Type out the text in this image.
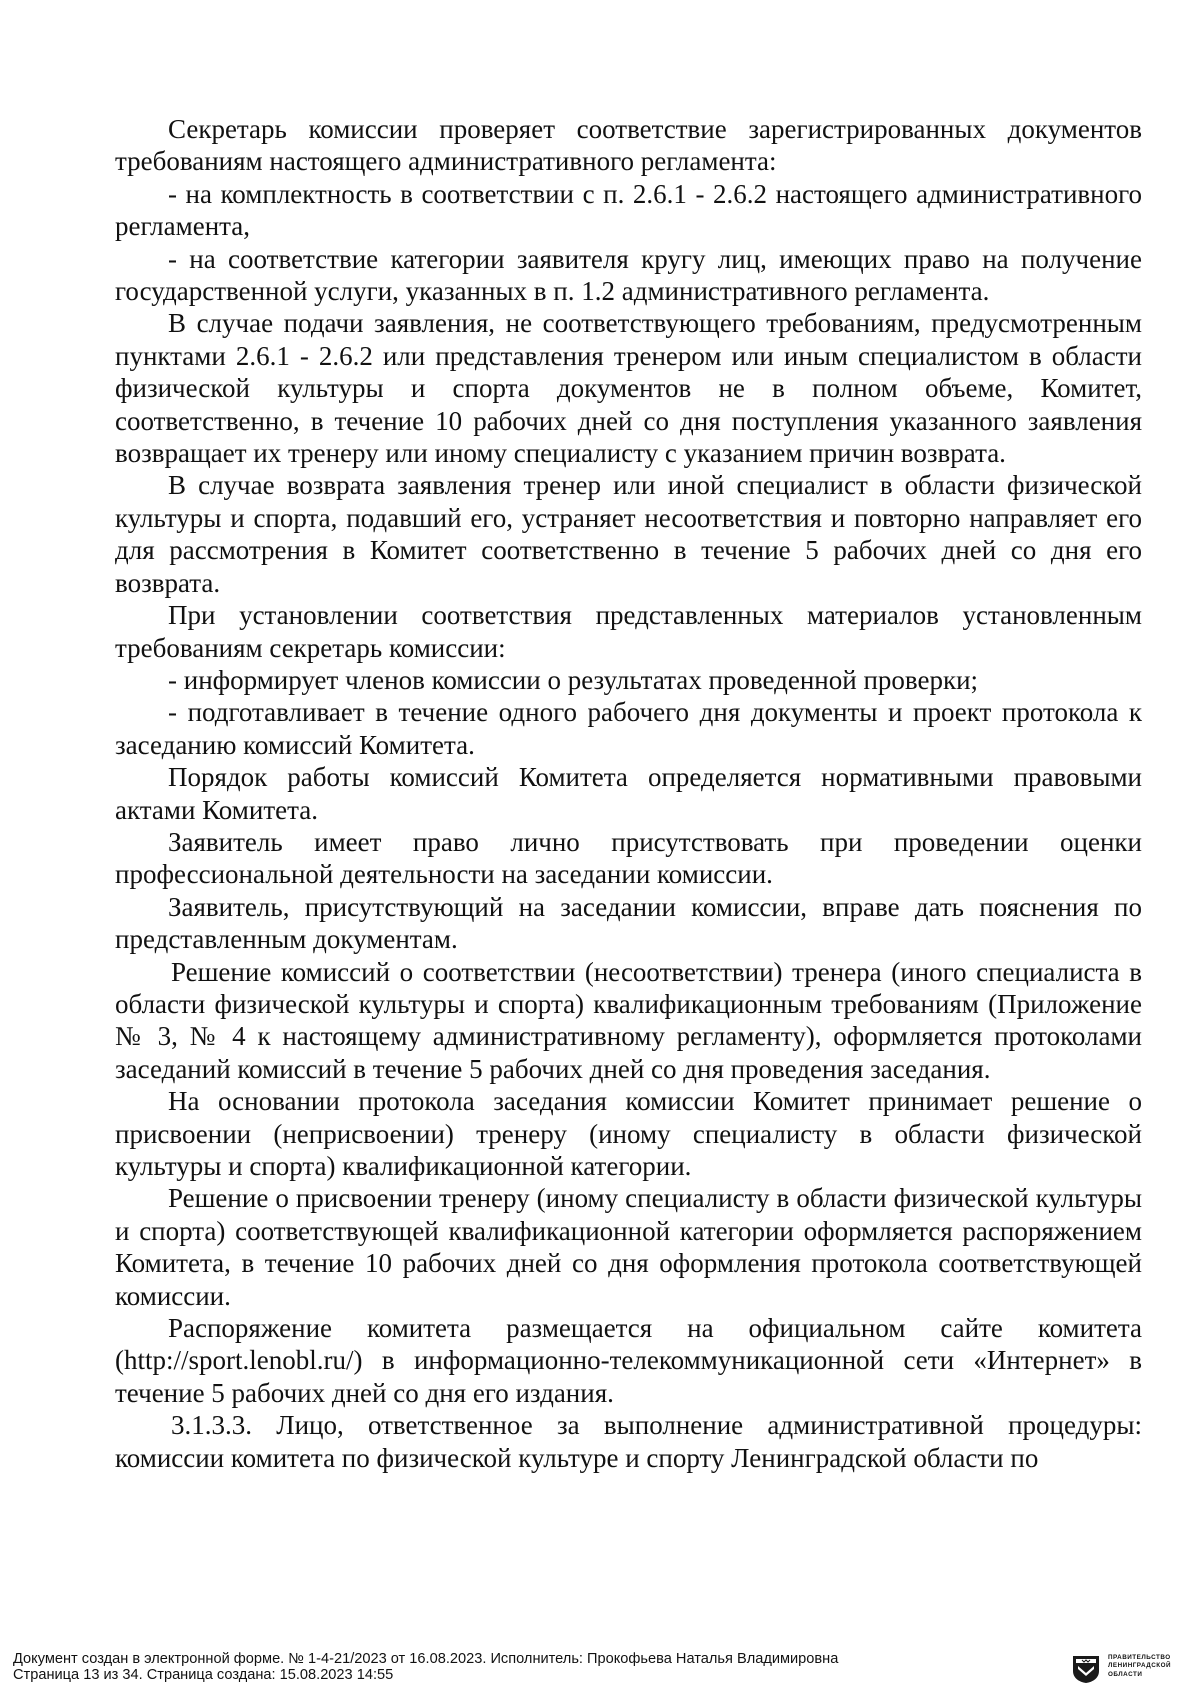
Секретарь комиссии проверяет соответствие зарегистрированных документов требованиям настоящего административного регламента:

- на комплектность в соответствии с п. 2.6.1 - 2.6.2 настоящего административного регламента,

- на соответствие категории заявителя кругу лиц, имеющих право на получение государственной услуги, указанных в п. 1.2 административного регламента.

В случае подачи заявления, не соответствующего требованиям, предусмотренным пунктами 2.6.1 - 2.6.2 или представления тренером или иным специалистом в области физической культуры и спорта документов не в полном объеме, Комитет, соответственно, в течение 10 рабочих дней со дня поступления указанного заявления возвращает их тренеру или иному специалисту с указанием причин возврата.

В случае возврата заявления тренер или иной специалист в области физической культуры и спорта, подавший его, устраняет несоответствия и повторно направляет его для рассмотрения в Комитет соответственно в течение 5 рабочих дней со дня его возврата.

При установлении соответствия представленных материалов установленным требованиям секретарь комиссии:

- информирует членов комиссии о результатах проведенной проверки;

- подготавливает в течение одного рабочего дня документы и проект протокола к заседанию комиссий Комитета.

Порядок работы комиссий Комитета определяется нормативными правовыми актами Комитета.

Заявитель имеет право лично присутствовать при проведении оценки профессиональной деятельности на заседании комиссии.

Заявитель, присутствующий на заседании комиссии, вправе дать пояснения по представленным документам.

Решение комиссий о соответствии (несоответствии) тренера (иного специалиста в области физической культуры и спорта) квалификационным требованиям (Приложение № 3, № 4 к настоящему административному регламенту), оформляется протоколами заседаний комиссий в течение 5 рабочих дней со дня проведения заседания.

На основании протокола заседания комиссии Комитет принимает решение о присвоении (неприсвоении) тренеру (иному специалисту в области физической культуры и спорта) квалификационной категории.

Решение о присвоении тренеру (иному специалисту в области физической культуры и спорта) соответствующей квалификационной категории оформляется распоряжением Комитета, в течение 10 рабочих дней со дня оформления протокола соответствующей комиссии.

Распоряжение комитета размещается на официальном сайте комитета (http://sport.lenobl.ru/) в информационно-телекоммуникационной сети «Интернет» в течение 5 рабочих дней со дня его издания.

3.1.3.3. Лицо, ответственное за выполнение административной процедуры: комиссии комитета по физической культуре и спорту Ленинградской области по

Документ создан в электронной форме. № 1-4-21/2023 от 16.08.2023. Исполнитель: Прокофьева Наталья Владимировна
Страница 13 из 34. Страница создана: 15.08.2023 14:55
ПРАВИТЕЛЬСТВО
ЛЕНИНГРАДСКОЙ
ОБЛАСТИ
